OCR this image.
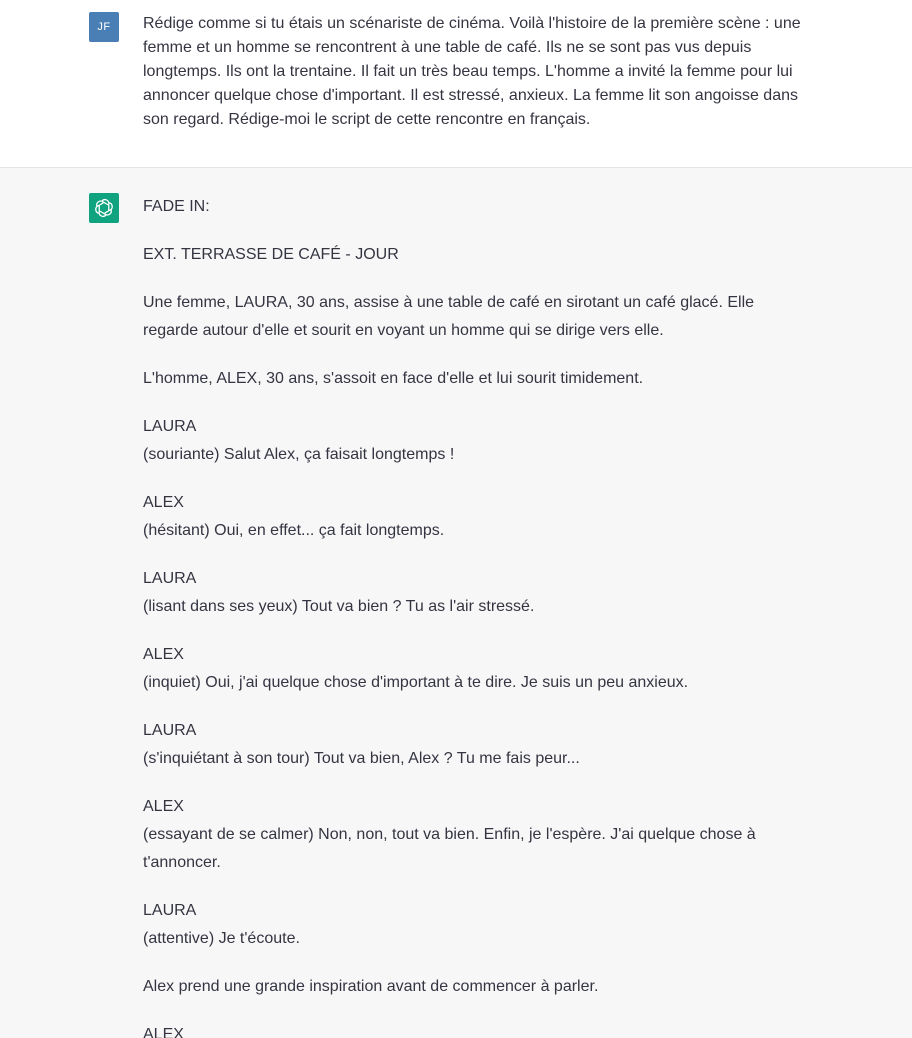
JF	Rédige comme si tu étais un scénariste de cinéma. Voilà l'histoire de la première scène : une femme et un homme se rencontrent à une table de café. Ils ne se sont pas vus depuis longtemps. Ils ont la trentaine. Il fait un très beau temps. L'homme a invité la femme pour lui annoncer quelque chose d'important. Il est stressé, anxieux. La femme lit son angoisse dans son regard. Rédige-moi le script de cette rencontre en français.

FADE IN:

EXT. TERRASSE DE CAFÉ - JOUR

Une femme, LAURA, 30 ans, assise à une table de café en sirotant un café glacé. Elle

regarde autour d'elle et sourit en voyant un homme qui se dirige vers elle.

L'homme, ALEX, 30 ans, s'assoit en face d'elle et lui sourit timidement.

LAURA

(souriante) Salut Alex, ça faisait longtemps !

ALEX

(hésitant) Oui, en effet... ça fait longtemps.

LAURA

(lisant dans ses yeux) Tout va bien ? Tu as l'air stressé.

ALEX

(inquiet) Oui, j'ai quelque chose d'important à te dire. Je suis un peu anxieux.

LAURA

(s'inquiétant à son tour) Tout va bien, Alex ? Tu me fais peur...

ALEX

(essayant de se calmer) Non, non, tout va bien. Enfin, je l'espère. J'ai quelque chose à

t'annoncer.

LAURA

(attentive) Je t'écoute.

Alex prend une grande inspiration avant de commencer à parler.

ALEX
